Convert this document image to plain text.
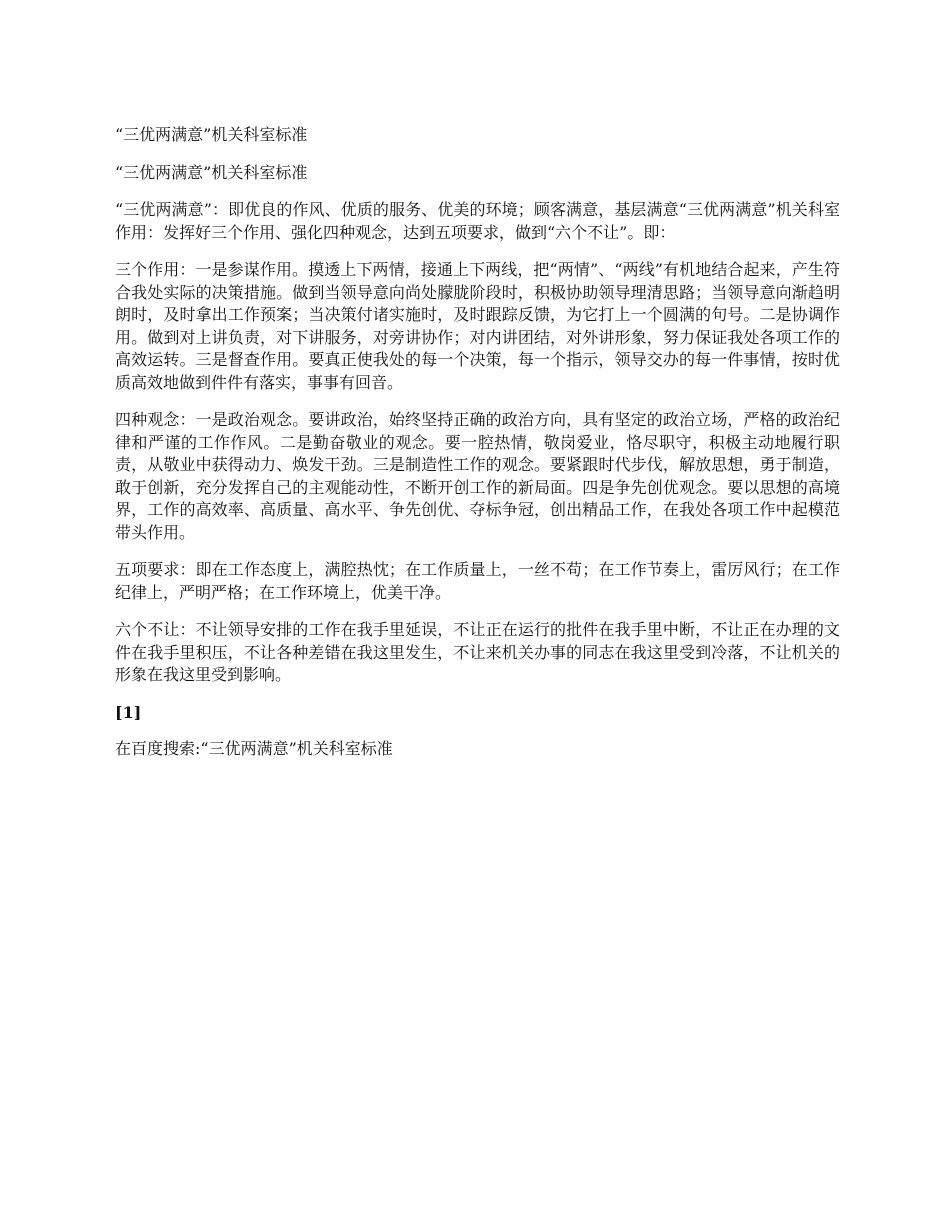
“三优两满意”机关科室标准

“三优两满意”机关科室标准

“三优两满意”：即优良的作风、优质的服务、优美的环境；顾客满意，基层满意“三优两满意”机关科室作用：发挥好三个作用、强化四种观念，达到五项要求，做到“六个不让”。即：

三个作用：一是参谋作用。摸透上下两情，接通上下两线，把“两情”、“两线”有机地结合起来，产生符合我处实际的决策措施。做到当领导意向尚处朦胧阶段时，积极协助领导理清思路；当领导意向渐趋明朗时，及时拿出工作预案；当决策付诸实施时，及时跟踪反馈，为它打上一个圆满的句号。二是协调作用。做到对上讲负责，对下讲服务，对旁讲协作；对内讲团结，对外讲形象，努力保证我处各项工作的高效运转。三是督查作用。要真正使我处的每一个决策，每一个指示，领导交办的每一件事情，按时优质高效地做到件件有落实，事事有回音。

四种观念：一是政治观念。要讲政治，始终坚持正确的政治方向，具有坚定的政治立场，严格的政治纪律和严谨的工作作风。二是勤奋敬业的观念。要一腔热情，敬岗爱业，恪尽职守，积极主动地履行职责，从敬业中获得动力、焕发干劲。三是制造性工作的观念。要紧跟时代步伐，解放思想，勇于制造，敢于创新，充分发挥自己的主观能动性，不断开创工作的新局面。四是争先创优观念。要以思想的高境界，工作的高效率、高质量、高水平、争先创优、夺标争冠，创出精品工作，在我处各项工作中起模范带头作用。

五项要求：即在工作态度上，满腔热忱；在工作质量上，一丝不苟；在工作节奏上，雷厉风行；在工作纪律上，严明严格；在工作环境上，优美干净。

六个不让：不让领导安排的工作在我手里延误，不让正在运行的批件在我手里中断，不让正在办理的文件在我手里积压，不让各种差错在我这里发生，不让来机关办事的同志在我这里受到冷落，不让机关的形象在我这里受到影响。

[1]

在百度搜索:“三优两满意”机关科室标准
